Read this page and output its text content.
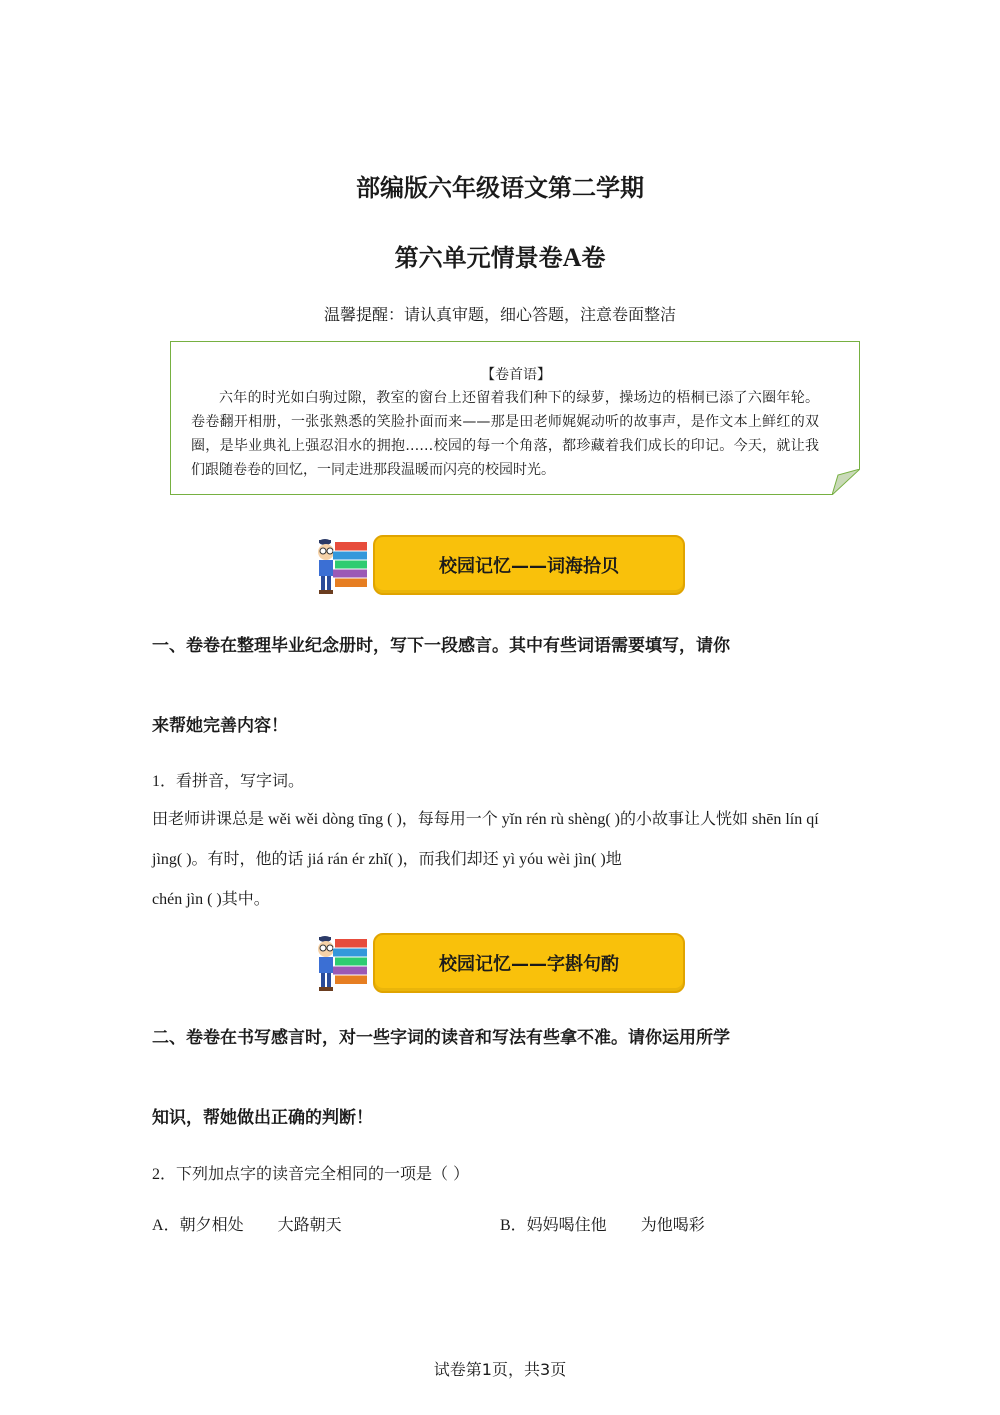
部编版六年级语文第二学期
第六单元情景卷A卷
温馨提醒：请认真审题，细心答题，注意卷面整洁
【卷首语】
六年的时光如白驹过隙，教室的窗台上还留着我们种下的绿萝，操场边的梧桐已添了六圈年轮。卷卷翻开相册，一张张熟悉的笑脸扑面而来——那是田老师娓娓动听的故事声，是作文本上鲜红的双圈，是毕业典礼上强忍泪水的拥抱……校园的每一个角落，都珍藏着我们成长的印记。今天，就让我们跟随卷卷的回忆，一同走进那段温暖而闪亮的校园时光。
校园记忆——词海拾贝
一、卷卷在整理毕业纪念册时，写下一段感言。其中有些词语需要填写，请你
来帮她完善内容！
1．看拼音，写字词。
田老师讲课总是 wěi wěi dòng tīng ( )，每每用一个 yǐn rén rù shèng( )的小故事让人恍如 shēn lín qí jìng( )。有时，他的话 jiá rán ér zhǐ( )，而我们却还 yì yóu wèi jìn( )地
chén jìn ( )其中。
校园记忆——字斟句酌
二、卷卷在书写感言时，对一些字词的读音和写法有些拿不准。请你运用所学
知识，帮她做出正确的判断！
2．下列加点字的读音完全相同的一项是（ ）
A．朝夕相处 大路朝天	B．妈妈喝住他 为他喝彩
试卷第1页，共3页
